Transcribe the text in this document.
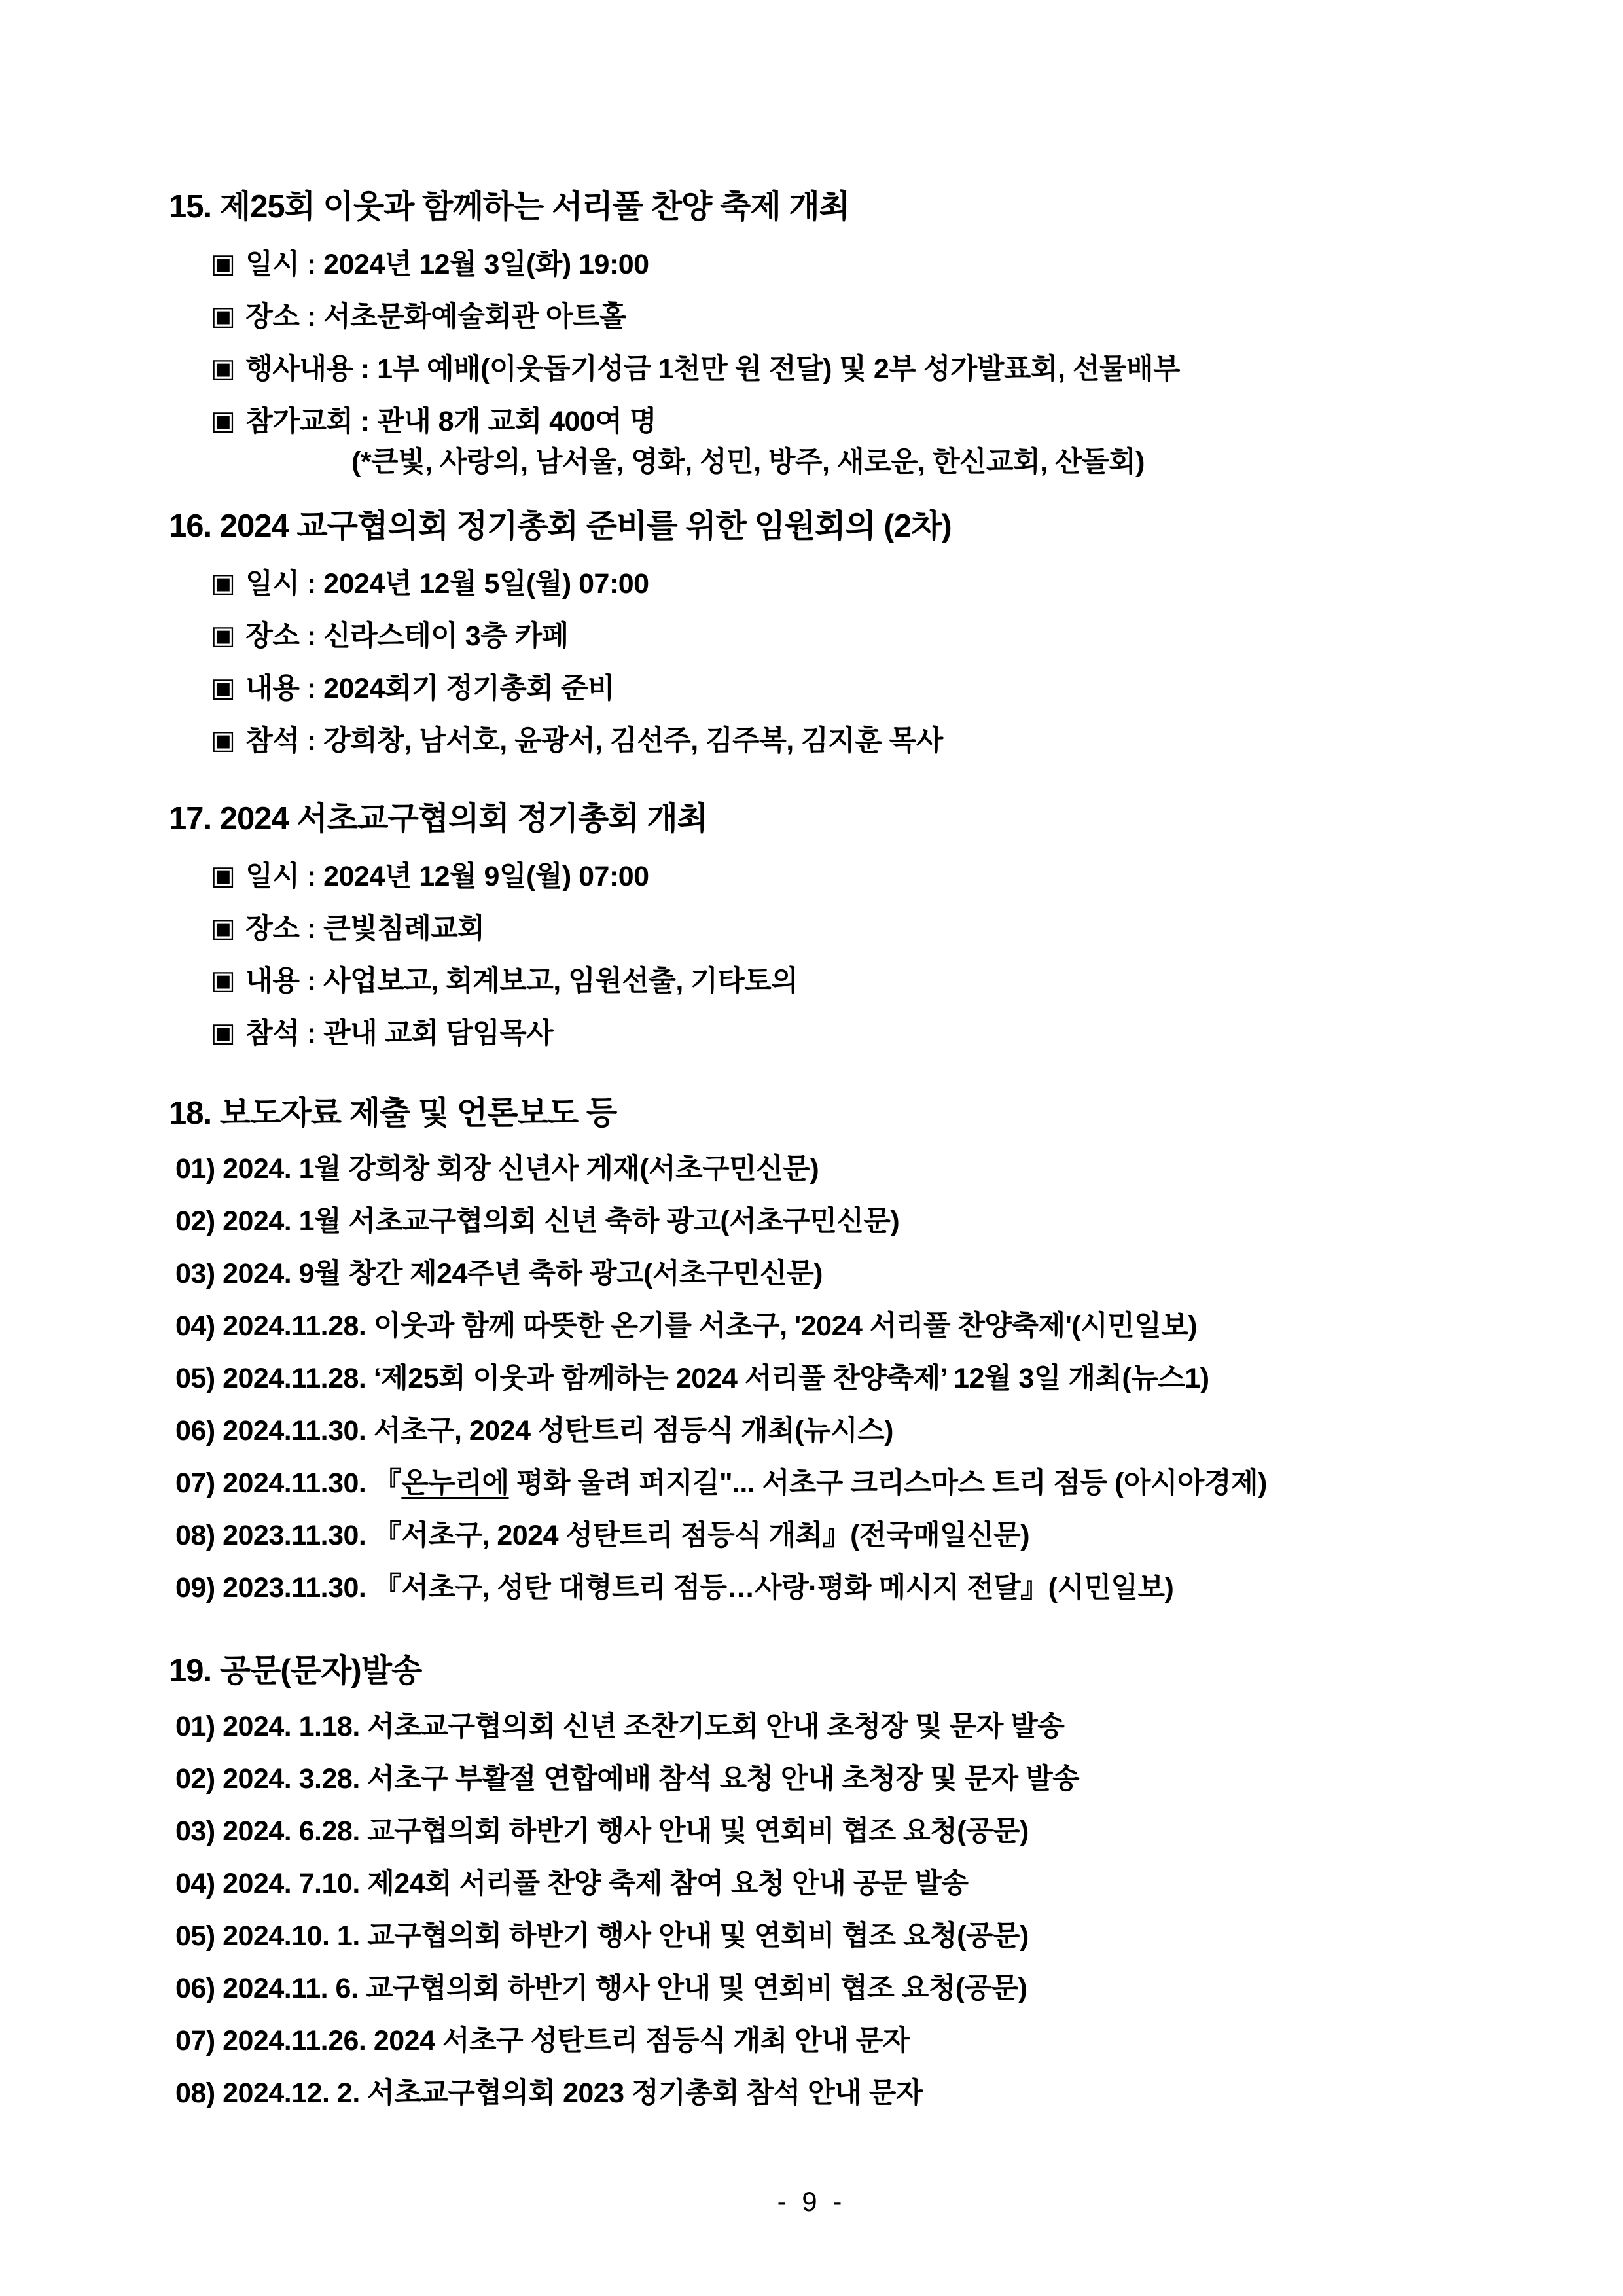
15. 제25회 이웃과 함께하는 서리풀 찬양 축제 개최
▣ 일시 : 2024년 12월 3일(화) 19:00
▣ 장소 : 서초문화예술회관 아트홀
▣ 행사내용 : 1부 예배(이웃돕기성금 1천만 원 전달) 및 2부 성가발표회, 선물배부
▣ 참가교회 : 관내 8개 교회 400여 명
(*큰빛, 사랑의, 남서울, 영화, 성민, 방주, 새로운, 한신교회, 산돌회)
16. 2024 교구협의회 정기총회 준비를 위한 임원회의 (2차)
▣ 일시 : 2024년 12월 5일(월) 07:00
▣ 장소 : 신라스테이 3층 카페
▣ 내용 : 2024회기 정기총회 준비
▣ 참석 : 강희창, 남서호, 윤광서, 김선주, 김주복, 김지훈 목사
17. 2024 서초교구협의회 정기총회 개최
▣ 일시 : 2024년 12월 9일(월) 07:00
▣ 장소 : 큰빛침례교회
▣ 내용 : 사업보고, 회계보고, 임원선출, 기타토의
▣ 참석 : 관내 교회 담임목사
18. 보도자료 제출 및 언론보도 등
01) 2024. 1월 강희창 회장 신년사 게재(서초구민신문)
02) 2024. 1월 서초교구협의회 신년 축하 광고(서초구민신문)
03) 2024. 9월 창간 제24주년 축하 광고(서초구민신문)
04) 2024.11.28. 이웃과 함께 따뜻한 온기를 서초구, '2024 서리풀 찬양축제'(시민일보)
05) 2024.11.28. ‘제25회 이웃과 함께하는 2024 서리풀 찬양축제’ 12월 3일 개최(뉴스1)
06) 2024.11.30. 서초구, 2024 성탄트리 점등식 개최(뉴시스)
07) 2024.11.30. 『온누리에 평화 울려 퍼지길"... 서초구 크리스마스 트리 점등 (아시아경제)
08) 2023.11.30. 『서초구, 2024 성탄트리 점등식 개최』(전국매일신문)
09) 2023.11.30. 『서초구, 성탄 대형트리 점등…사랑·평화 메시지 전달』(시민일보)
19. 공문(문자)발송
01) 2024. 1.18. 서초교구협의회 신년 조찬기도회 안내 초청장 및 문자 발송
02) 2024. 3.28. 서초구 부활절 연합예배 참석 요청 안내 초청장 및 문자 발송
03) 2024. 6.28. 교구협의회 하반기 행사 안내 및 연회비 협조 요청(공문)
04) 2024. 7.10. 제24회 서리풀 찬양 축제 참여 요청 안내 공문 발송
05) 2024.10. 1. 교구협의회 하반기 행사 안내 및 연회비 협조 요청(공문)
06) 2024.11. 6. 교구협의회 하반기 행사 안내 및 연회비 협조 요청(공문)
07) 2024.11.26. 2024 서초구 성탄트리 점등식 개최 안내 문자
08) 2024.12. 2. 서초교구협의회 2023 정기총회 참석 안내 문자
- 9 -
